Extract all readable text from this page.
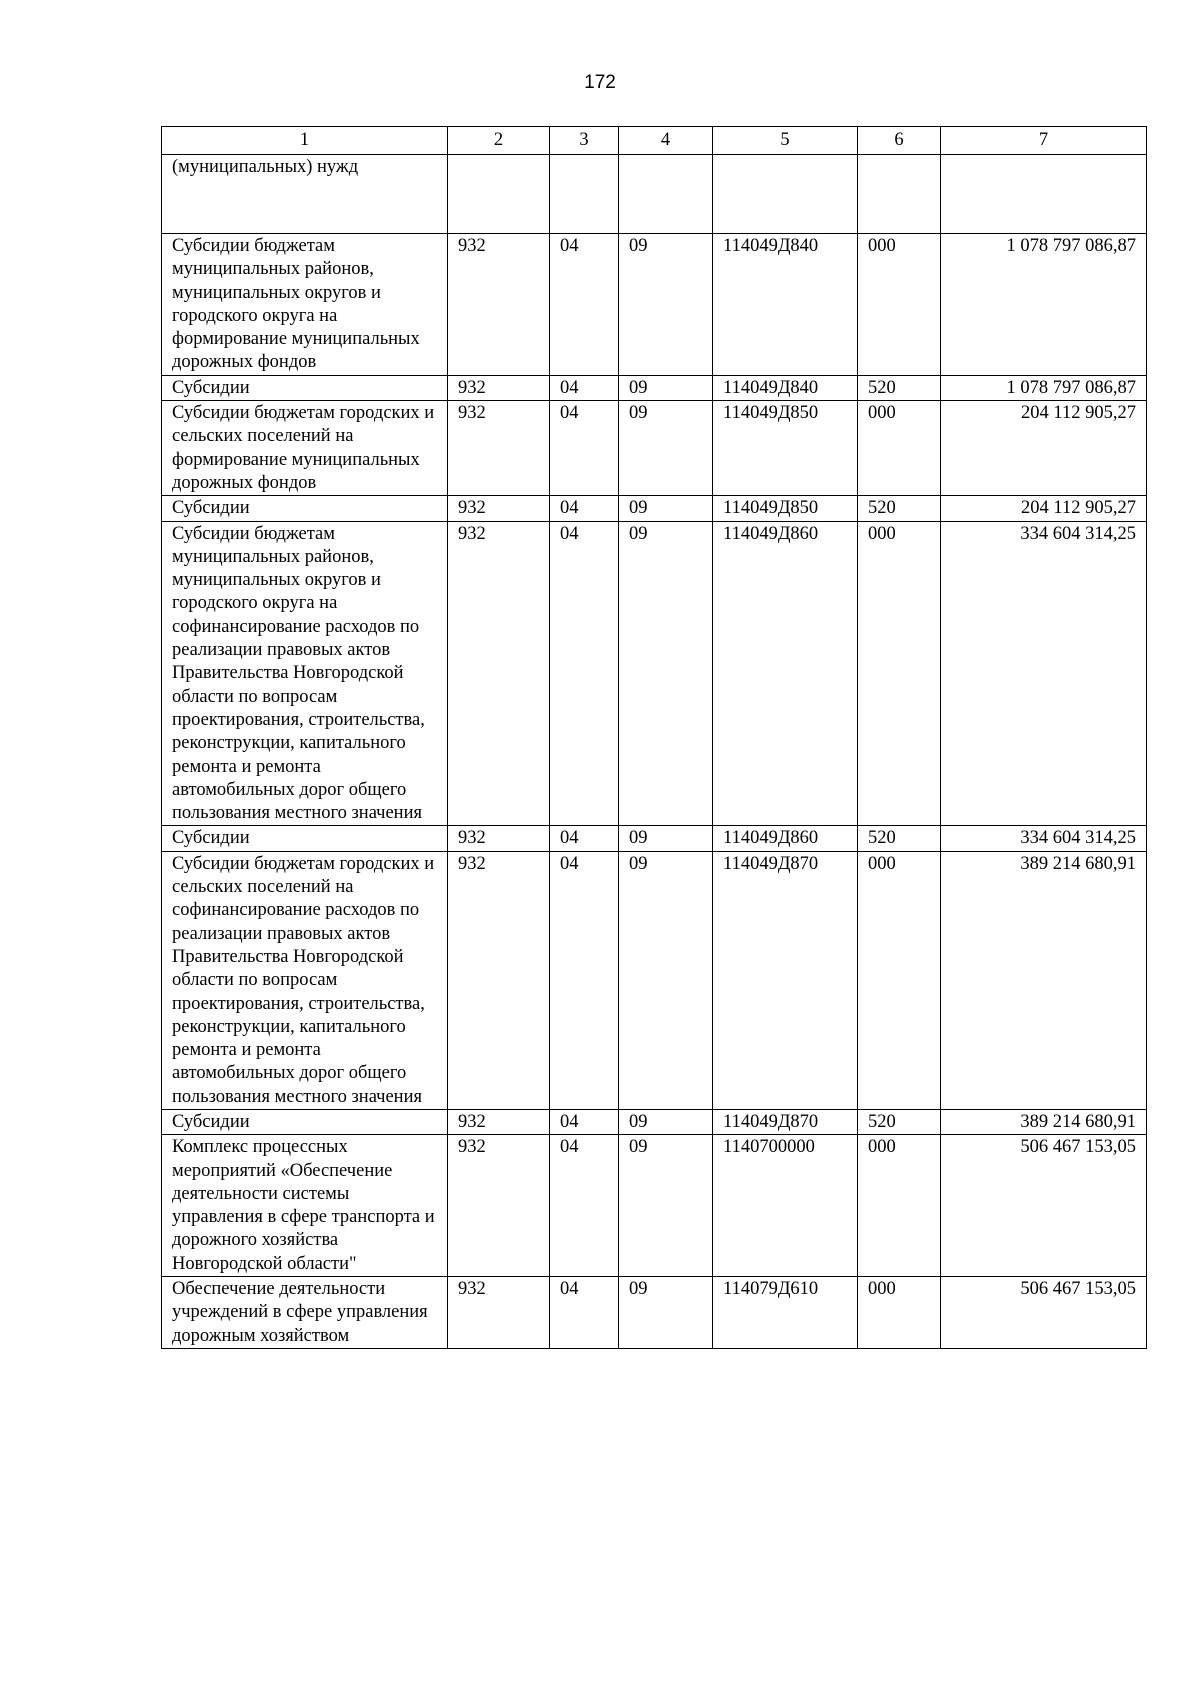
172
1	2	3	4	5	6	7
(муниципальных) нужд						
Субсидии бюджетам муниципальных районов, муниципальных округов и городского округа на формирование муниципальных дорожных фондов	932	04	09	114049Д840	000	1 078 797 086,87
Субсидии	932	04	09	114049Д840	520	1 078 797 086,87
Субсидии бюджетам городских и сельских поселений на формирование муниципальных дорожных фондов	932	04	09	114049Д850	000	204 112 905,27
Субсидии	932	04	09	114049Д850	520	204 112 905,27
Субсидии бюджетам муниципальных районов, муниципальных округов и городского округа на софинансирование расходов по реализации правовых актов Правительства Новгородской области по вопросам проектирования, строительства, реконструкции, капитального ремонта и ремонта автомобильных дорог общего пользования местного значения	932	04	09	114049Д860	000	334 604 314,25
Субсидии	932	04	09	114049Д860	520	334 604 314,25
Субсидии бюджетам городских и сельских поселений на софинансирование расходов по реализации правовых актов Правительства Новгородской области по вопросам проектирования, строительства, реконструкции, капитального ремонта и ремонта автомобильных дорог общего пользования местного значения	932	04	09	114049Д870	000	389 214 680,91
Субсидии	932	04	09	114049Д870	520	389 214 680,91
Комплекс процессных мероприятий «Обеспечение деятельности системы управления в сфере транспорта и дорожного хозяйства Новгородской области"	932	04	09	1140700000	000	506 467 153,05
Обеспечение деятельности учреждений в сфере управления дорожным хозяйством	932	04	09	114079Д610	000	506 467 153,05
